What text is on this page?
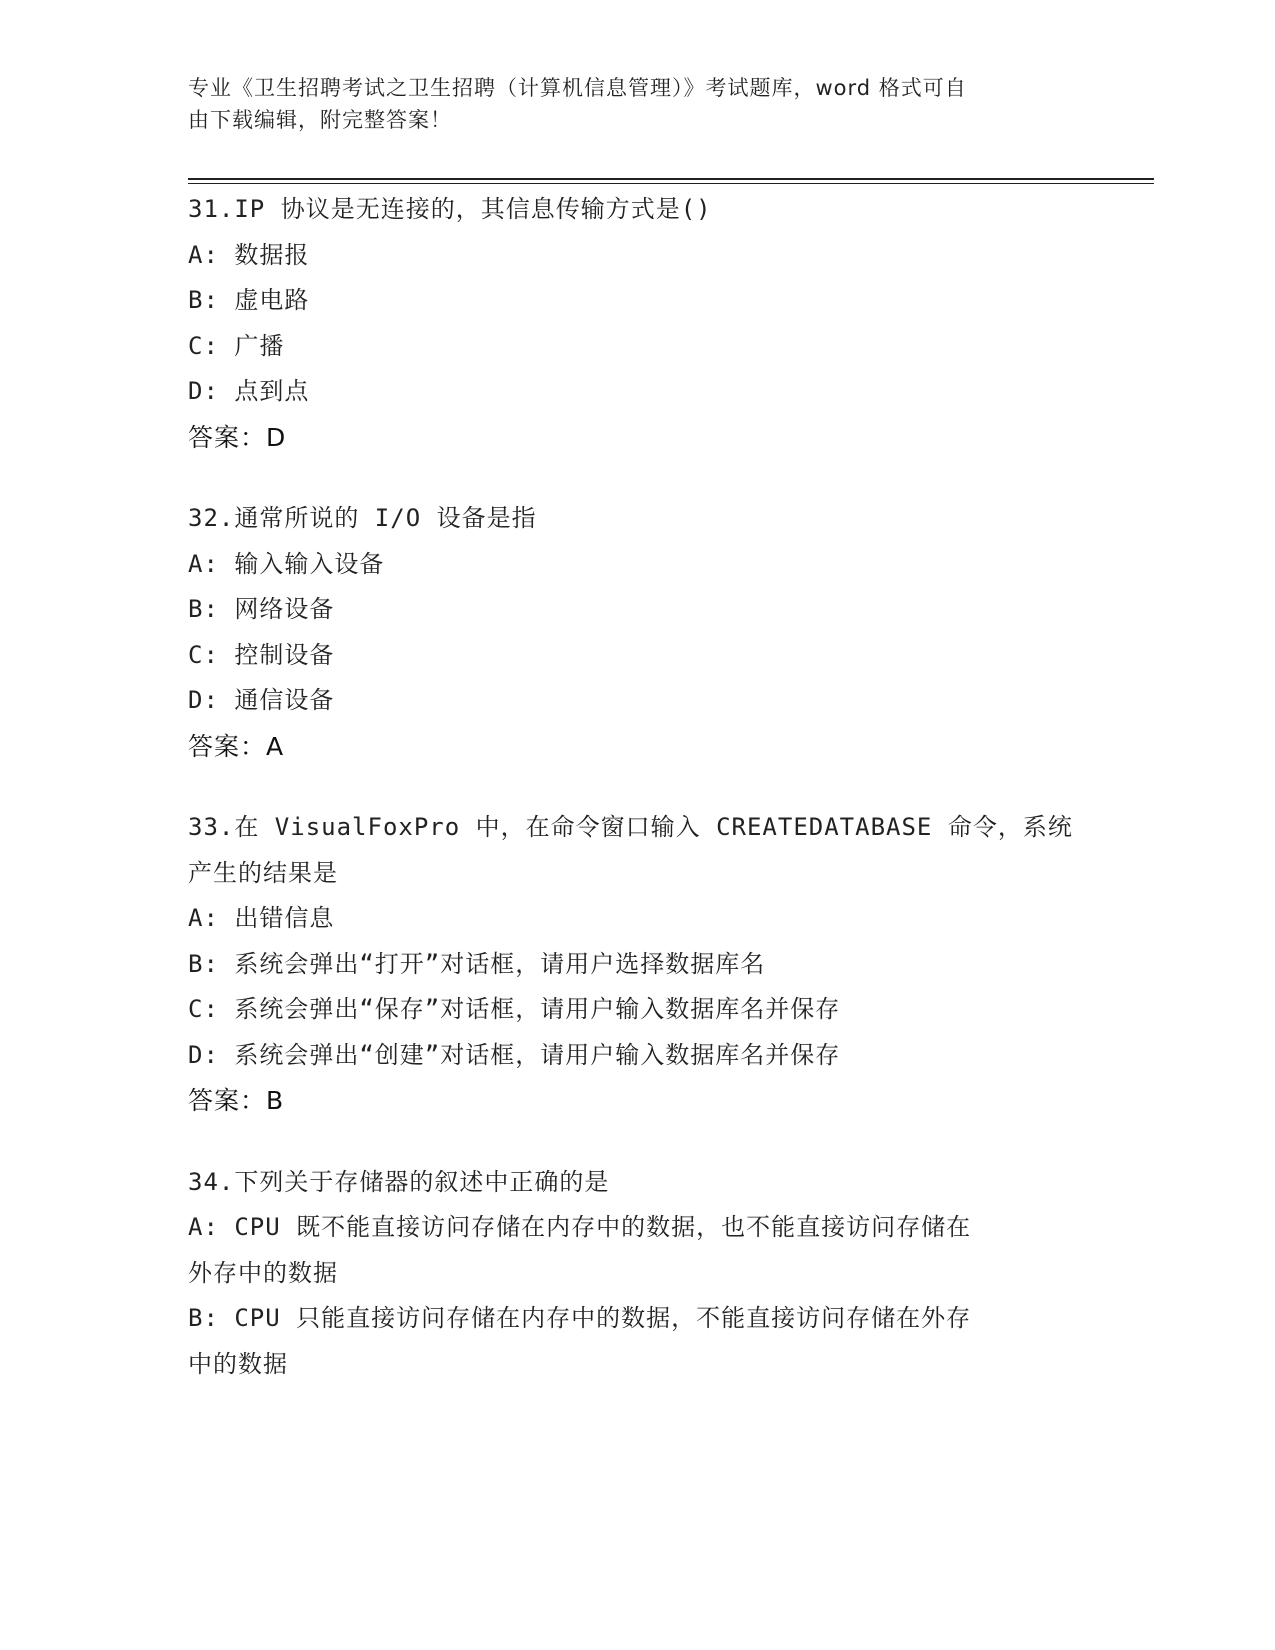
专业《卫生招聘考试之卫生招聘（计算机信息管理）》考试题库，word 格式可自
由下载编辑，附完整答案！
31.IP 协议是无连接的，其信息传输方式是()
A: 数据报
B: 虚电路
C: 广播
D: 点到点
答案：D
32.通常所说的 I/O 设备是指
A: 输入输入设备
B: 网络设备
C: 控制设备
D: 通信设备
答案：A
33.在 VisualFoxPro 中，在命令窗口输入 CREATEDATABASE 命令，系统
产生的结果是
A: 出错信息
B: 系统会弹出“打开”对话框，请用户选择数据库名
C: 系统会弹出“保存”对话框，请用户输入数据库名并保存
D: 系统会弹出“创建”对话框，请用户输入数据库名并保存
答案：B
34.下列关于存储器的叙述中正确的是
A: CPU 既不能直接访问存储在内存中的数据，也不能直接访问存储在
外存中的数据
B: CPU 只能直接访问存储在内存中的数据，不能直接访问存储在外存
中的数据
